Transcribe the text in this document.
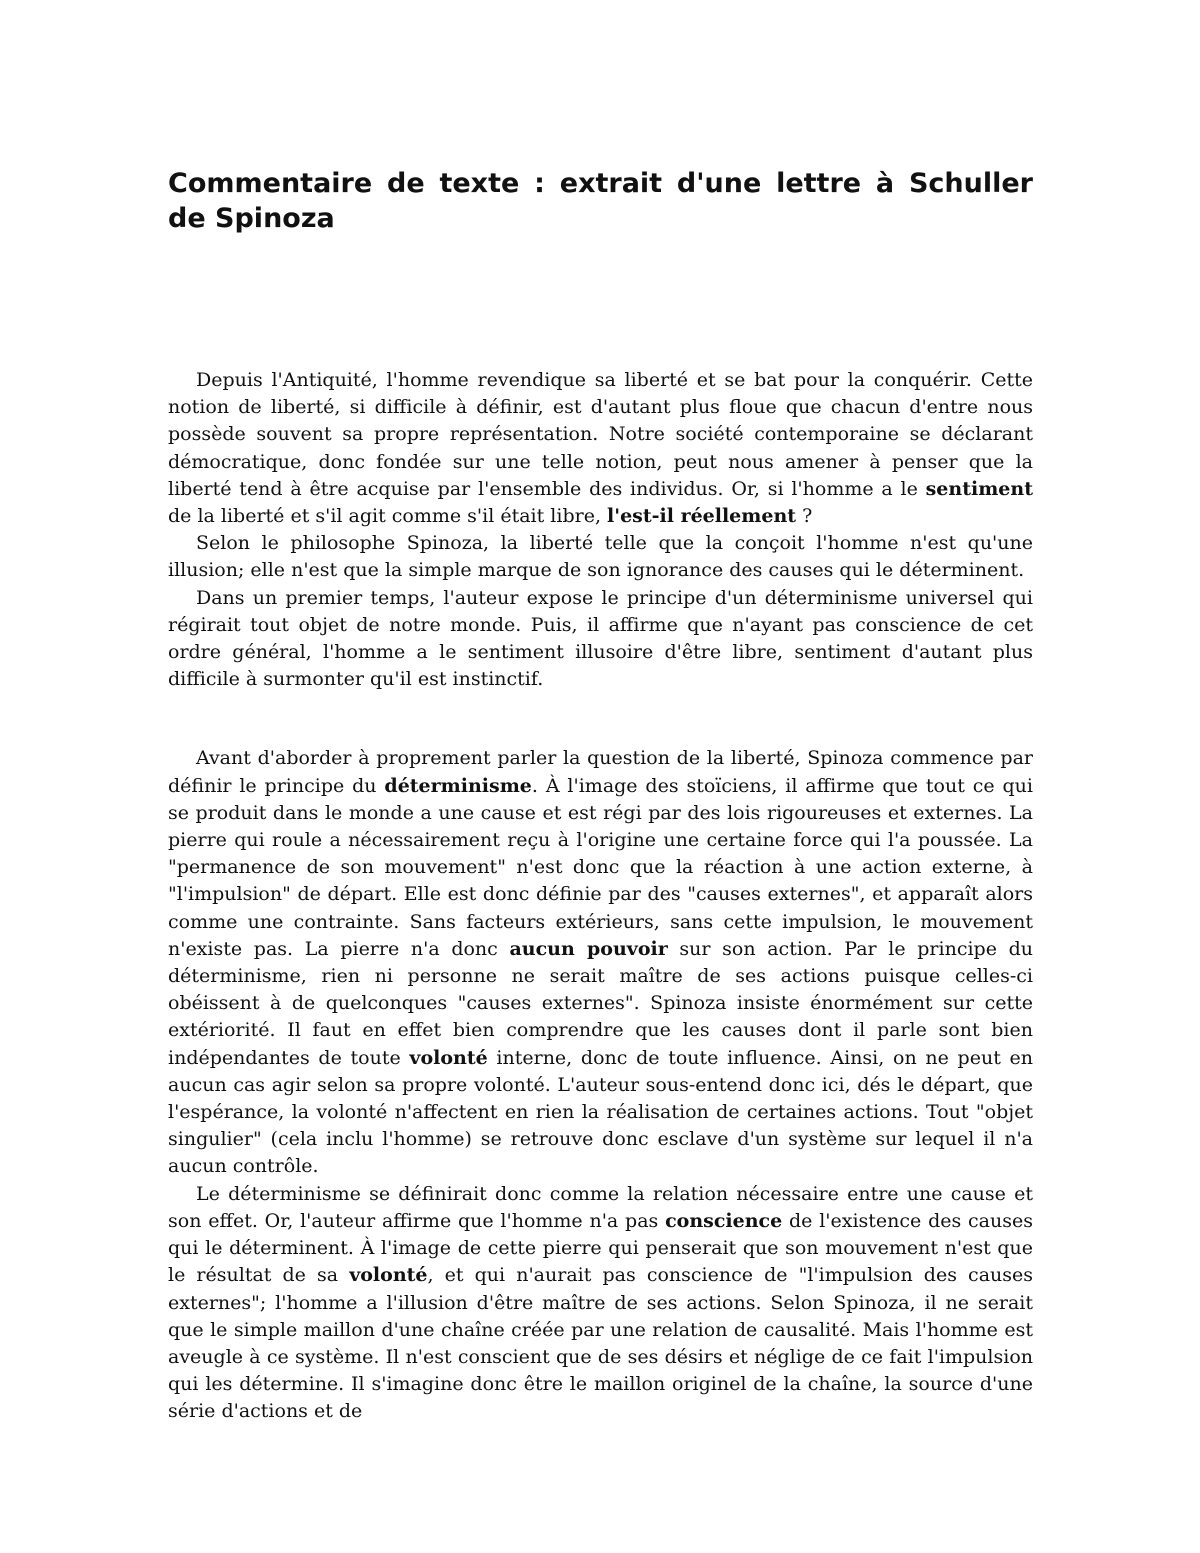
Commentaire de texte : extrait d'une lettre à Schuller de Spinoza

Depuis l'Antiquité, l'homme revendique sa liberté et se bat pour la conquérir. Cette notion de liberté, si difficile à définir, est d'autant plus floue que chacun d'entre nous possède souvent sa propre représentation. Notre société contemporaine se déclarant démocratique, donc fondée sur une telle notion, peut nous amener à penser que la liberté tend à être acquise par l'ensemble des individus. Or, si l'homme a le sentiment de la liberté et s'il agit comme s'il était libre, l'est-il réellement ?

Selon le philosophe Spinoza, la liberté telle que la conçoit l'homme n'est qu'une illusion; elle n'est que la simple marque de son ignorance des causes qui le déterminent.

Dans un premier temps, l'auteur expose le principe d'un déterminisme universel qui régirait tout objet de notre monde. Puis, il affirme que n'ayant pas conscience de cet ordre général, l'homme a le sentiment illusoire d'être libre, sentiment d'autant plus difficile à surmonter qu'il est instinctif.

Avant d'aborder à proprement parler la question de la liberté, Spinoza commence par définir le principe du déterminisme. À l'image des stoïciens, il affirme que tout ce qui se produit dans le monde a une cause et est régi par des lois rigoureuses et externes. La pierre qui roule a nécessairement reçu à l'origine une certaine force qui l'a poussée. La "permanence de son mouvement" n'est donc que la réaction à une action externe, à "l'impulsion" de départ. Elle est donc définie par des "causes externes", et apparaît alors comme une contrainte. Sans facteurs extérieurs, sans cette impulsion, le mouvement n'existe pas. La pierre n'a donc aucun pouvoir sur son action. Par le principe du déterminisme, rien ni personne ne serait maître de ses actions puisque celles-ci obéissent à de quelconques "causes externes". Spinoza insiste énormément sur cette extériorité. Il faut en effet bien comprendre que les causes dont il parle sont bien indépendantes de toute volonté interne, donc de toute influence. Ainsi, on ne peut en aucun cas agir selon sa propre volonté. L'auteur sous-entend donc ici, dés le départ, que l'espérance, la volonté n'affectent en rien la réalisation de certaines actions. Tout "objet singulier" (cela inclu l'homme) se retrouve donc esclave d'un système sur lequel il n'a aucun contrôle.

Le déterminisme se définirait donc comme la relation nécessaire entre une cause et son effet. Or, l'auteur affirme que l'homme n'a pas conscience de l'existence des causes qui le déterminent. À l'image de cette pierre qui penserait que son mouvement n'est que le résultat de sa volonté, et qui n'aurait pas conscience de "l'impulsion des causes externes"; l'homme a l'illusion d'être maître de ses actions. Selon Spinoza, il ne serait que le simple maillon d'une chaîne créée par une relation de causalité. Mais l'homme est aveugle à ce système. Il n'est conscient que de ses désirs et néglige de ce fait l'impulsion qui les détermine. Il s'imagine donc être le maillon originel de la chaîne, la source d'une série d'actions et de
